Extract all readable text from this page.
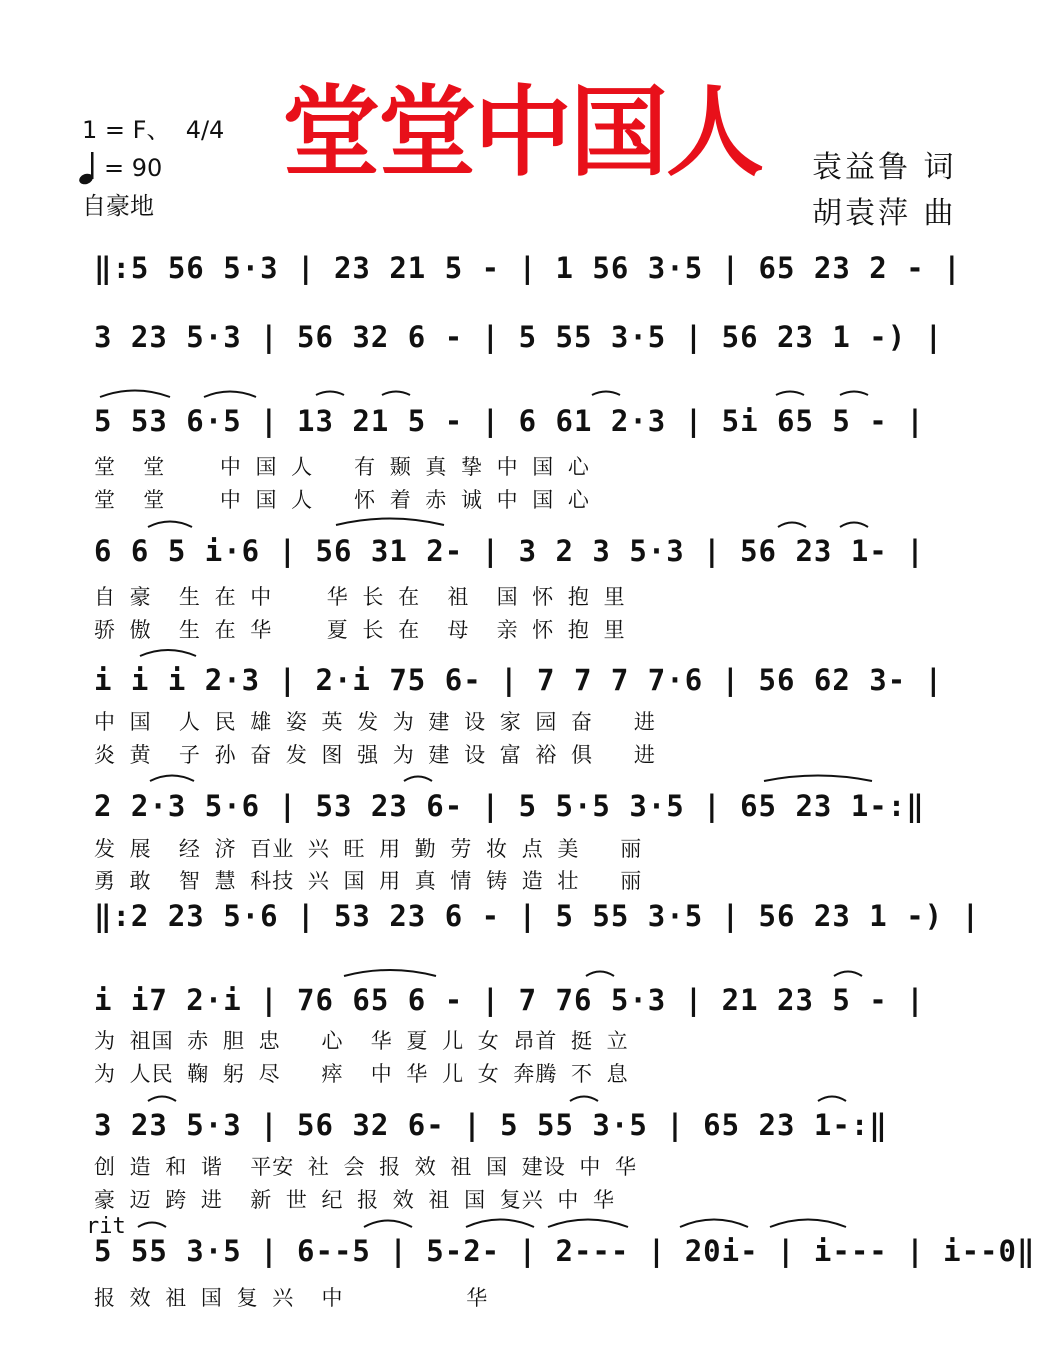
1 = F、  4/4
= 90
自豪地
堂堂中国人 袁益鲁 词
胡袁萍 曲
‖:5 56 5·3 | 23 21 5 - | 1 56 3·5 | 65 23 2 - |
3 23 5·3 | 56 32 6 - | 5 55 3·5 | 56 23 1 -) |
5 53 6·5 | 13 21 5 - | 6 61 2·3 | 5i 65 5 - |
堂  堂    中 国 人   有 颞 真 挚 中 国 心
堂  堂    中 国 人   怀 着 赤 诚 中 国 心
6 6 5 i·6 | 56 31 2- | 3 2 3 5·3 | 56 23 1- |
自 豪  生 在 中    华 长 在  祖  国 怀 抱 里
骄 傲  生 在 华    夏 长 在  母  亲 怀 抱 里
i i i 2·3 | 2·i 75 6- | 7 7 7 7·6 | 56 62 3- |
中 国  人 民 雄 姿 英 发 为 建 设 家 园 奋   进
炎 黄  子 孙 奋 发 图 强 为 建 设 富 裕 俱   进
2 2·3 5·6 | 53 23 6- | 5 5·5 3·5 | 65 23 1-:‖
发 展  经 济 百业 兴 旺 用 勤 劳 妆 点 美   丽
勇 敢  智 慧 科技 兴 国 用 真 情 铸 造 壮   丽
‖:2 23 5·6 | 53 23 6 - | 5 55 3·5 | 56 23 1 -) |
i i7 2·i | 76 65 6 - | 7 76 5·3 | 21 23 5 - |
为 祖国 赤 胆 忠   心  华 夏 儿 女 昂首 挺 立
为 人民 鞠 躬 尽   瘁  中 华 儿 女 奔腾 不 息
3 23 5·3 | 56 32 6- | 5 55 3·5 | 65 23 1-:‖
创 造 和 谐  平安 社 会 报 效 祖 国 建设 中 华
豪 迈 跨 进  新 世 纪 报 效 祖 国 复兴 中 华
rit
5 55 3·5 | 6--5 | 5-2- | 2--- | 20i- | i--- | i--0‖
报 效 祖 国 复 兴  中         华
